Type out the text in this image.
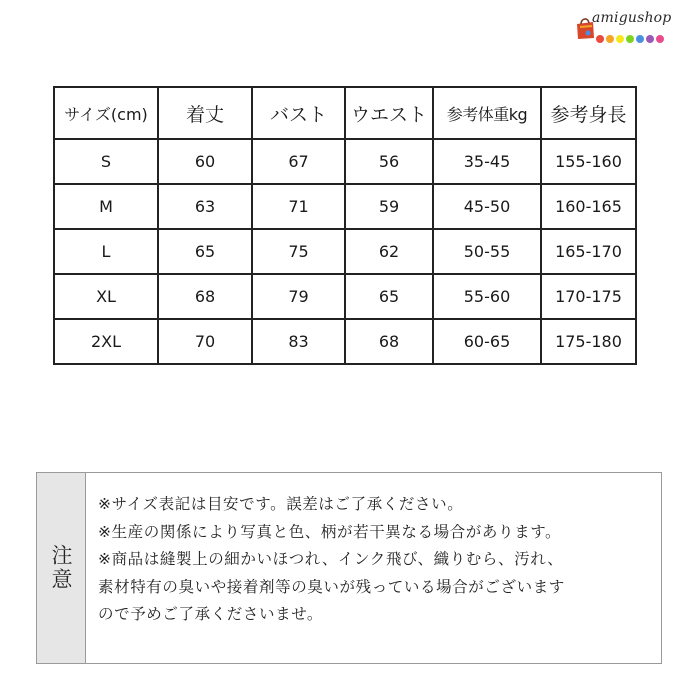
amigushop
サイズ(cm)	着丈	バスト	ウエスト	参考体重kg	参考身長
S	60	67	56	35-45	155-160
M	63	71	59	45-50	160-165
L	65	75	62	50-55	165-170
XL	68	79	65	55-60	170-175
2XL	70	83	68	60-65	175-180
注意
※サイズ表記は目安です。誤差はご了承ください。
※生産の関係により写真と色、柄が若干異なる場合があります。
※商品は縫製上の細かいほつれ、インク飛び、織りむら、汚れ、
素材特有の臭いや接着剤等の臭いが残っている場合がございます
ので予めご了承くださいませ。
